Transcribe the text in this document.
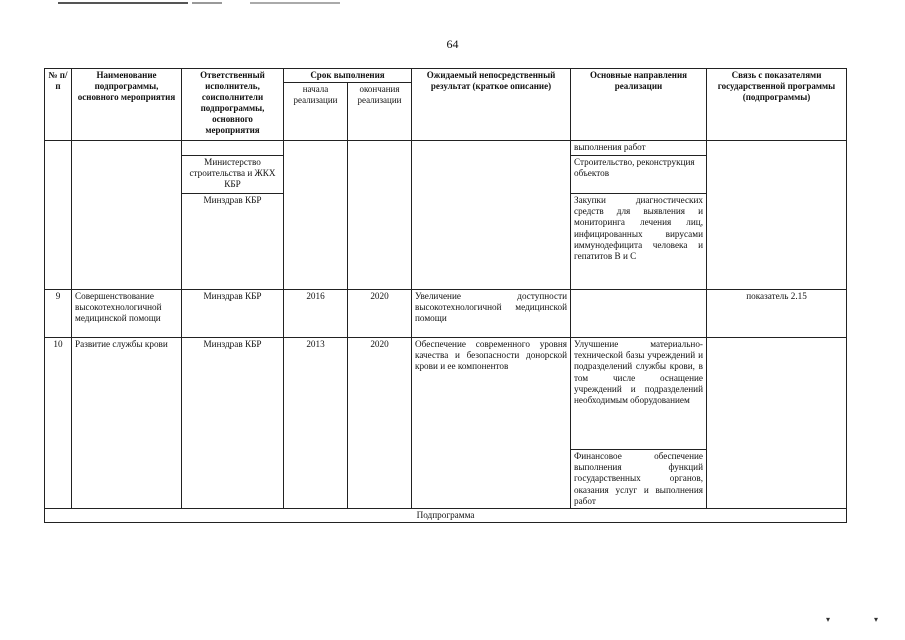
64
№ п/п	Наименование подпрограммы, основного мероприятия	Ответственный исполнитель, соисполнители подпрограммы, основного мероприятия	Срок выполнения		Ожидаемый непосредственный результат (краткое описание)	Основные направления реализации	Связь с показателями государственной программы (подпрограммы)
			начала реализации	окончания реализации			
						выполнения работ	
		Министерство строительства и ЖКХ КБР				Строительство, реконструкция объектов	
		Минздрав КБР				Закупки диагностических средств для выявления и мониторинга лечения лиц, инфицированных вирусами иммунодефицита человека и гепатитов В и С	
9	Совершенствование высокотехнологичной медицинской помощи	Минздрав КБР	2016	2020	Увеличение доступности высокотехнологичной медицинской помощи		показатель 2.15
10	Развитие службы крови	Минздрав КБР	2013	2020	Обеспечение современного уровня качества и безопасности донорской крови и ее компонентов	Улучшение материально-технической базы учреждений и подразделений службы крови, в том числе оснащение учреждений и подразделений необходимым оборудованием	
						Финансовое обеспечение выполнения функций государственных органов, оказания услуг и выполнения работ	
Подпрограмма							
▾	▾
